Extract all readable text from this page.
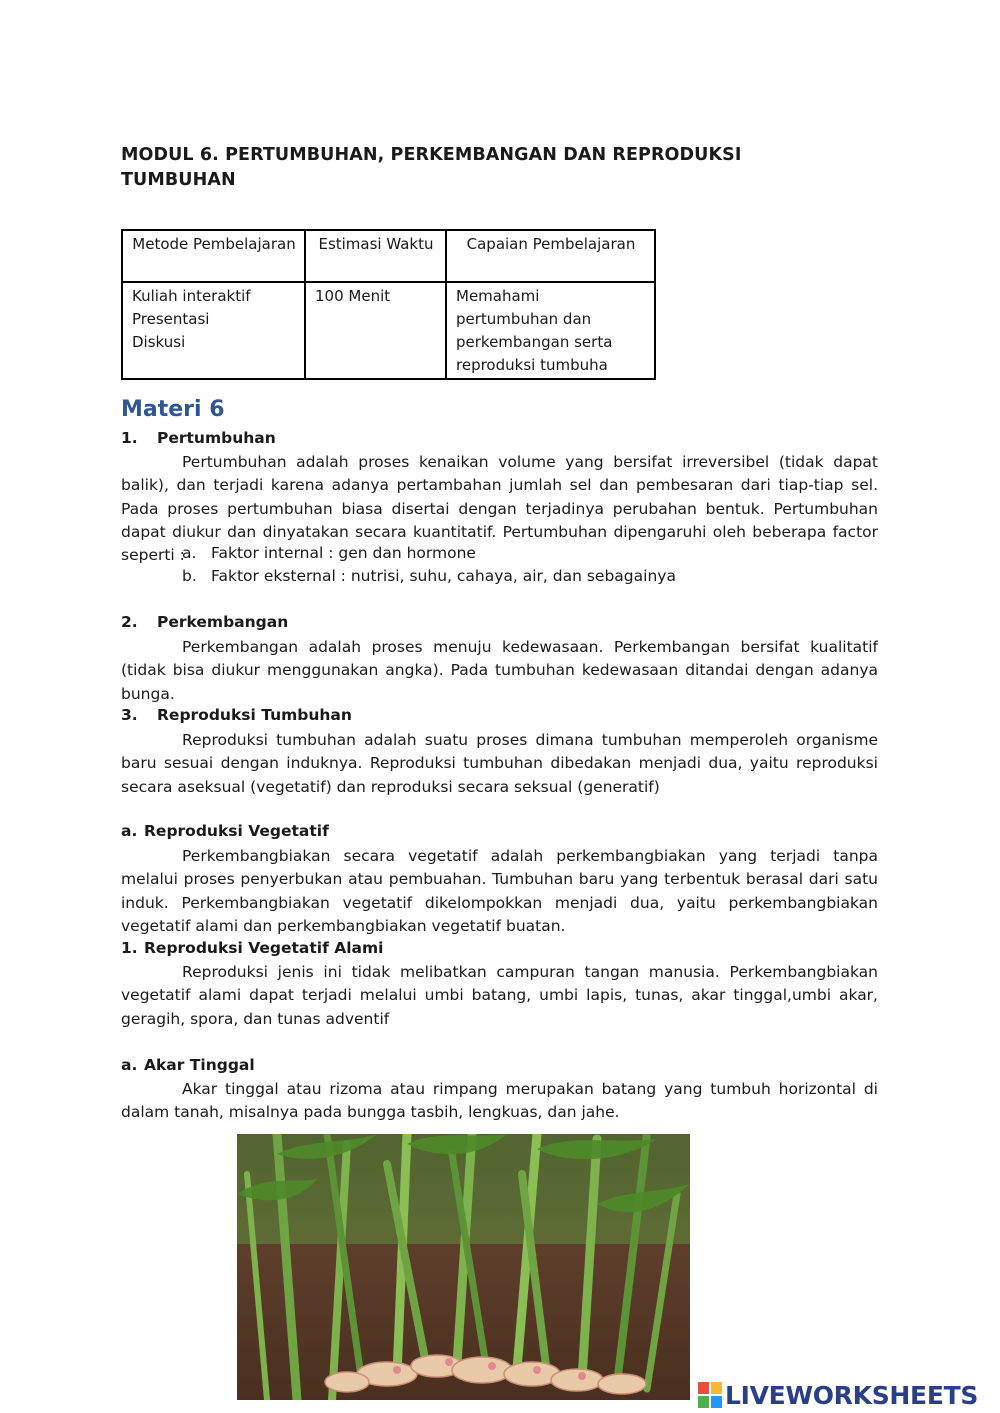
MODUL 6. PERTUMBUHAN, PERKEMBANGAN DAN REPRODUKSI TUMBUHAN
Metode Pembelajaran	Estimasi Waktu	Capaian Pembelajaran

Kuliah interaktif
Presentasi
Diskusi	100 Menit	Memahami pertumbuhan dan perkembangan serta reproduksi tumbuha
Materi 6
1. Pertumbuhan
Pertumbuhan adalah proses kenaikan volume yang bersifat irreversibel (tidak dapat balik), dan terjadi karena adanya pertambahan jumlah sel dan pembesaran dari tiap-tiap sel. Pada proses pertumbuhan biasa disertai dengan terjadinya perubahan bentuk. Pertumbuhan dapat diukur dan dinyatakan secara kuantitatif. Pertumbuhan dipengaruhi oleh beberapa factor seperti :
a. Faktor internal : gen dan hormone
b. Faktor eksternal : nutrisi, suhu, cahaya, air, dan sebagainya
2. Perkembangan
Perkembangan adalah proses menuju kedewasaan. Perkembangan bersifat kualitatif (tidak bisa diukur menggunakan angka). Pada tumbuhan kedewasaan ditandai dengan adanya bunga.
3. Reproduksi Tumbuhan
Reproduksi tumbuhan adalah suatu proses dimana tumbuhan memperoleh organisme baru sesuai dengan induknya. Reproduksi tumbuhan dibedakan menjadi dua, yaitu reproduksi secara aseksual (vegetatif) dan reproduksi secara seksual (generatif)
a. Reproduksi Vegetatif
Perkembangbiakan secara vegetatif adalah perkembangbiakan yang terjadi tanpa melalui proses penyerbukan atau pembuahan. Tumbuhan baru yang terbentuk berasal dari satu induk. Perkembangbiakan vegetatif dikelompokkan menjadi dua, yaitu perkembangbiakan vegetatif alami dan perkembangbiakan vegetatif buatan.
1. Reproduksi Vegetatif Alami
Reproduksi jenis ini tidak melibatkan campuran tangan manusia. Perkembangbiakan vegetatif alami dapat terjadi melalui umbi batang, umbi lapis, tunas, akar tinggal,umbi akar, geragih, spora, dan tunas adventif
a. Akar Tinggal
Akar tinggal atau rizoma atau rimpang merupakan batang yang tumbuh horizontal di dalam tanah, misalnya pada bungga tasbih, lengkuas, dan jahe.
LIVEWORKSHEETS
